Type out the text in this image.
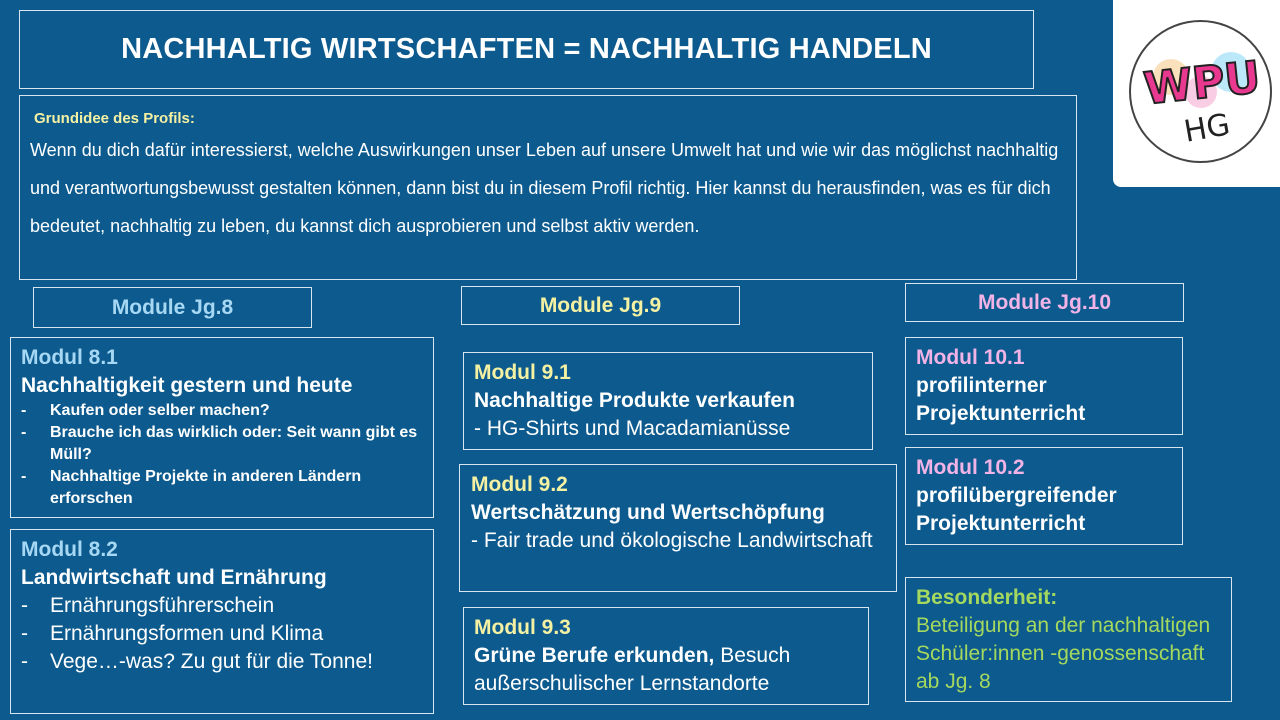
NACHHALTIG WIRTSCHAFTEN = NACHHALTIG HANDELN
Grundidee des Profils:
Wenn du dich dafür interessierst, welche Auswirkungen unser Leben auf unsere Umwelt hat und wie wir das möglichst nachhaltig und verantwortungsbewusst gestalten können, dann bist du in diesem Profil richtig. Hier kannst du herausfinden, was es für dich bedeutet, nachhaltig zu leben, du kannst dich ausprobieren und selbst aktiv werden.
WPU
HG
Module Jg.8	Module Jg.9	Module Jg.10
Modul 8.1
Nachhaltigkeit gestern und heute
- Kaufen oder selber machen?
- Brauche ich das wirklich oder: Seit wann gibt es Müll?
- Nachhaltige Projekte in anderen Ländern erforschen
Modul 8.2
Landwirtschaft und Ernährung
- Ernährungsführerschein
- Ernährungsformen und Klima
- Vege…-was? Zu gut für die Tonne!
Modul 9.1
Nachhaltige Produkte verkaufen
- HG-Shirts und Macadamianüsse
Modul 9.2
Wertschätzung und Wertschöpfung
- Fair trade und ökologische Landwirtschaft
Modul 9.3
Grüne Berufe erkunden, Besuch außerschulischer Lernstandorte
Modul 10.1
profilinterner Projektunterricht
Modul 10.2
profilübergreifender Projektunterricht
Besonderheit:
Beteiligung an der nachhaltigen Schüler:innen -genossenschaft ab Jg. 8
